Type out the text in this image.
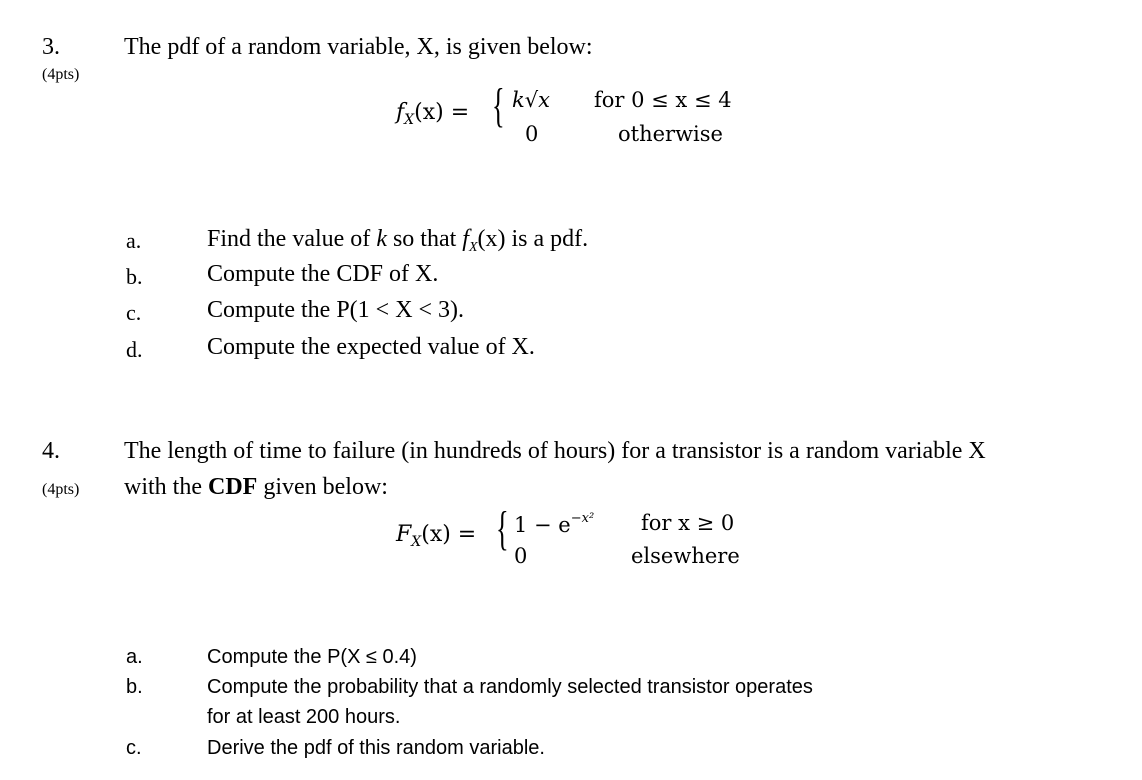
3.
(4pts)
The pdf of a random variable, X, is given below:
$f_X(x)$ = { k√x for 0 ≤ x ≤ 4
0	otherwise
a.	Find the value of k so that $f_X(x)$ is a pdf.
b.	Compute the CDF of X.
c.	Compute the P(1 < X < 3).
d.	Compute the expected value of X.
4.
(4pts)
The length of time to failure (in hundreds of hours) for a transistor is a random variable X
with the CDF given below:
$F_X(x)$ = { $1 - e^{-x^2}$ for x ≥ 0
0	elsewhere
a.	Compute the P(X ≤ 0.4)
b.	Compute the probability that a randomly selected transistor operates
for at least 200 hours.
c.	Derive the pdf of this random variable.
